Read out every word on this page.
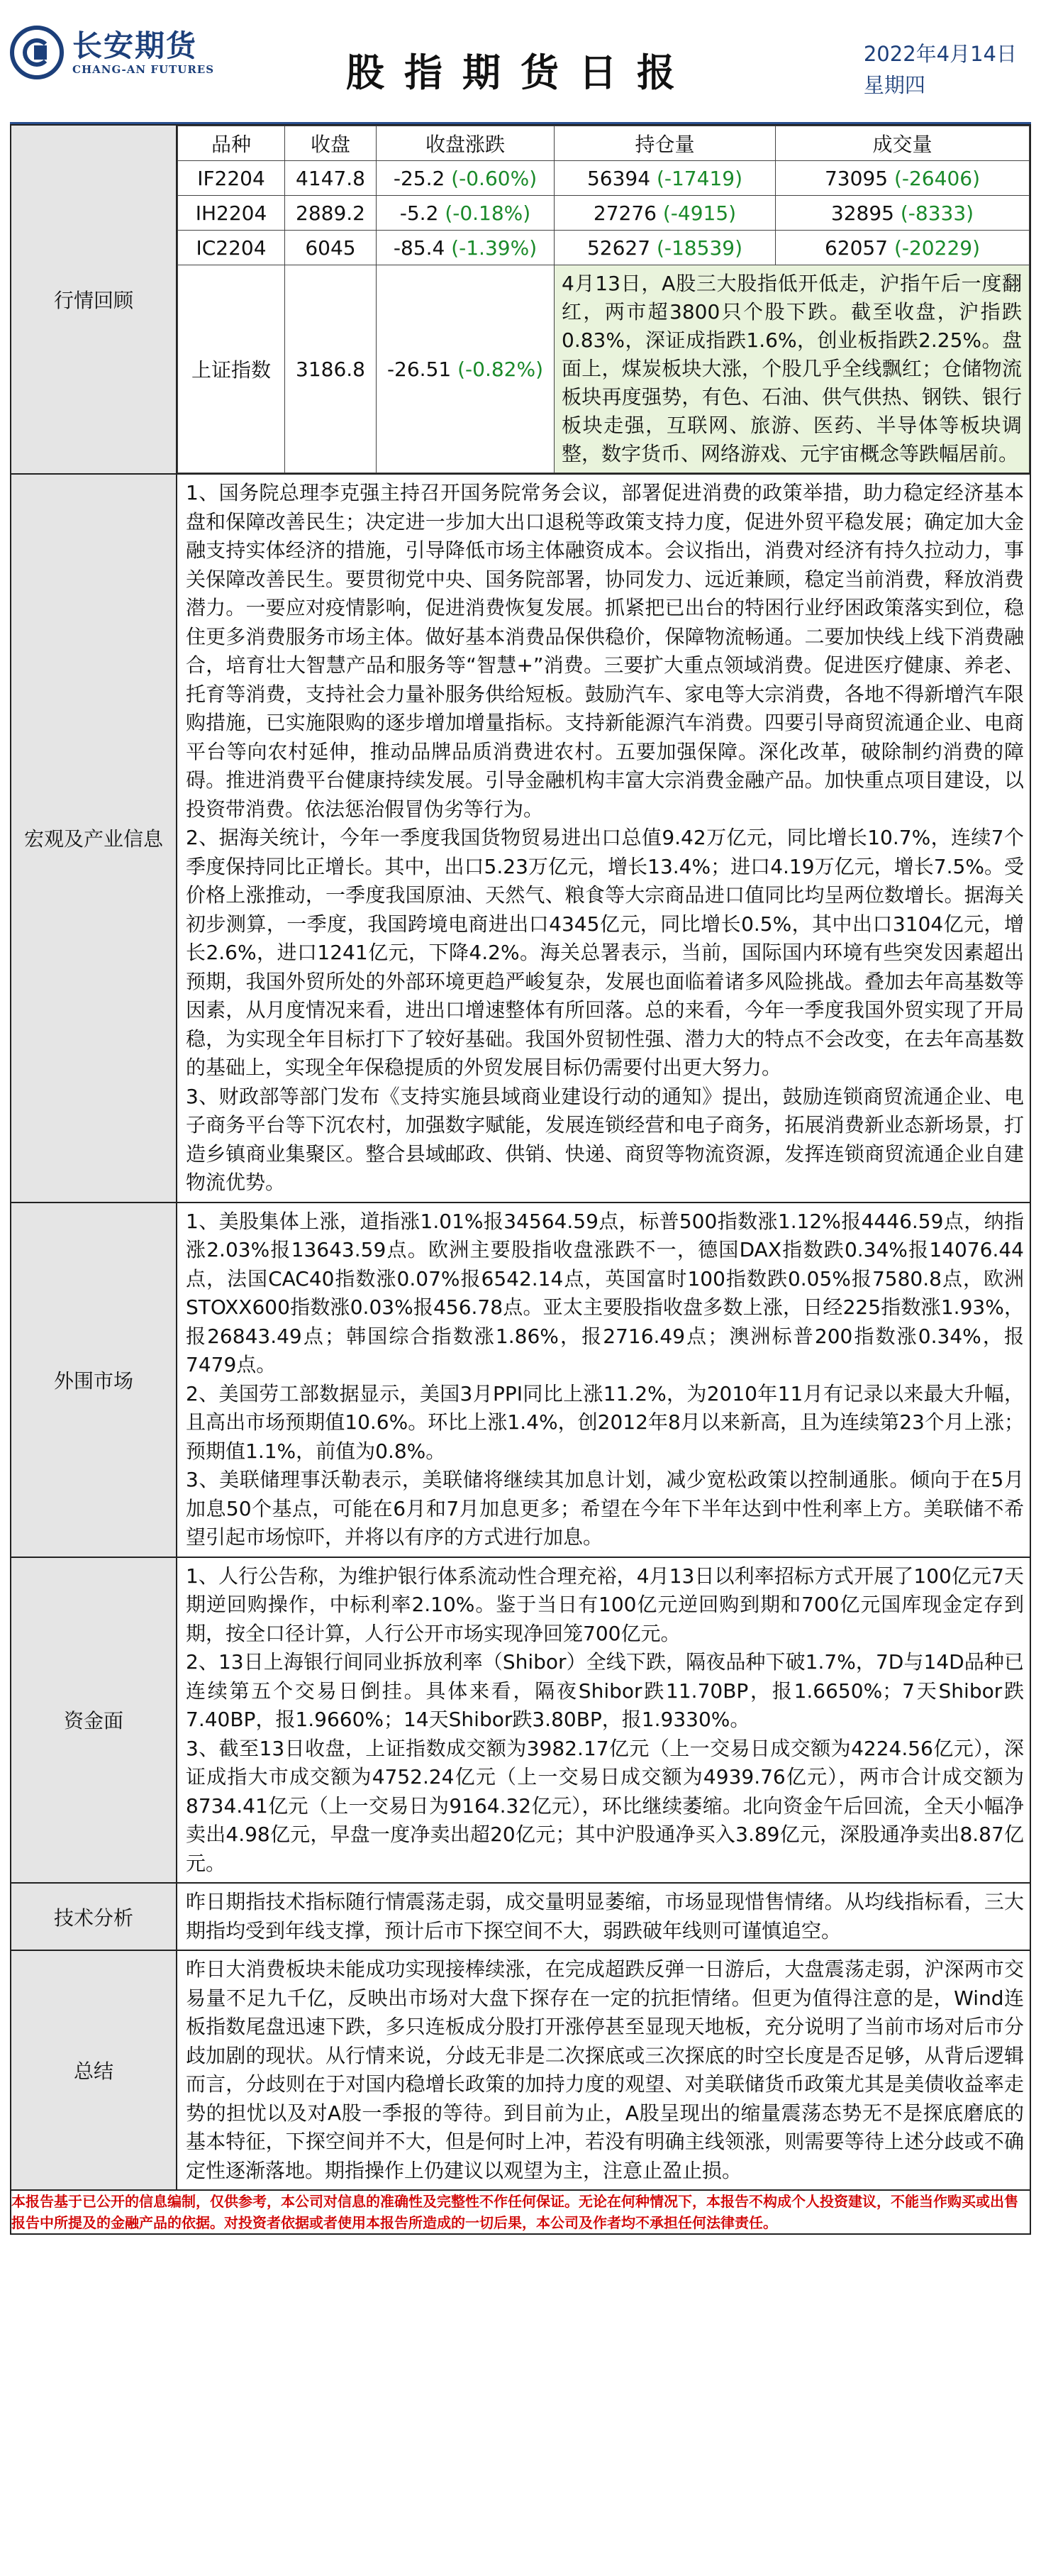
长安期货
CHANG-AN FUTURES	股指期货日报	2022年4月14日
星期四
行情回顾	
品种	收盘	收盘涨跌	持仓量	成交量
IF2204	4147.8	-25.2 (-0.60%)	56394 (-17419)	73095 (-26406)
IH2204	2889.2	-5.2 (-0.18%)	27276 (-4915)	32895 (-8333)
IC2204	6045	-85.4 (-1.39%)	52627 (-18539)	62057 (-20229)
上证指数	3186.8	-26.51 (-0.82%)	4月13日，A股三大股指低开低走，沪指午后一度翻红，两市超3800只个股下跌。截至收盘，沪指跌0.83%，深证成指跌1.6%，创业板指跌2.25%。盘面上，煤炭板块大涨，个股几乎全线飘红；仓储物流板块再度强势，有色、石油、供气供热、钢铁、银行板块走强，互联网、旅游、医药、半导体等板块调整，数字货币、网络游戏、元宇宙概念等跌幅居前。

宏观及产业信息	
1、国务院总理李克强主持召开国务院常务会议，部署促进消费的政策举措，助力稳定经济基本盘和保障改善民生；决定进一步加大出口退税等政策支持力度，促进外贸平稳发展；确定加大金融支持实体经济的措施，引导降低市场主体融资成本。会议指出，消费对经济有持久拉动力，事关保障改善民生。要贯彻党中央、国务院部署，协同发力、远近兼顾，稳定当前消费，释放消费潜力。一要应对疫情影响，促进消费恢复发展。抓紧把已出台的特困行业纾困政策落实到位，稳住更多消费服务市场主体。做好基本消费品保供稳价，保障物流畅通。二要加快线上线下消费融合，培育壮大智慧产品和服务等“智慧+”消费。三要扩大重点领域消费。促进医疗健康、养老、托育等消费，支持社会力量补服务供给短板。鼓励汽车、家电等大宗消费，各地不得新增汽车限购措施，已实施限购的逐步增加增量指标。支持新能源汽车消费。四要引导商贸流通企业、电商平台等向农村延伸，推动品牌品质消费进农村。五要加强保障。深化改革，破除制约消费的障碍。推进消费平台健康持续发展。引导金融机构丰富大宗消费金融产品。加快重点项目建设，以投资带消费。依法惩治假冒伪劣等行为。
2、据海关统计，今年一季度我国货物贸易进出口总值9.42万亿元，同比增长10.7%，连续7个季度保持同比正增长。其中，出口5.23万亿元，增长13.4%；进口4.19万亿元，增长7.5%。受价格上涨推动，一季度我国原油、天然气、粮食等大宗商品进口值同比均呈两位数增长。据海关初步测算，一季度，我国跨境电商进出口4345亿元，同比增长0.5%，其中出口3104亿元，增长2.6%，进口1241亿元，下降4.2%。海关总署表示，当前，国际国内环境有些突发因素超出预期，我国外贸所处的外部环境更趋严峻复杂，发展也面临着诸多风险挑战。叠加去年高基数等因素，从月度情况来看，进出口增速整体有所回落。总的来看，今年一季度我国外贸实现了开局稳，为实现全年目标打下了较好基础。我国外贸韧性强、潜力大的特点不会改变，在去年高基数的基础上，实现全年保稳提质的外贸发展目标仍需要付出更大努力。
3、财政部等部门发布《支持实施县域商业建设行动的通知》提出，鼓励连锁商贸流通企业、电子商务平台等下沉农村，加强数字赋能，发展连锁经营和电子商务，拓展消费新业态新场景，打造乡镇商业集聚区。整合县域邮政、供销、快递、商贸等物流资源，发挥连锁商贸流通企业自建物流优势。

外围市场	
1、美股集体上涨，道指涨1.01%报34564.59点，标普500指数涨1.12%报4446.59点，纳指涨2.03%报13643.59点。欧洲主要股指收盘涨跌不一，德国DAX指数跌0.34%报14076.44点，法国CAC40指数涨0.07%报6542.14点，英国富时100指数跌0.05%报7580.8点，欧洲STOXX600指数涨0.03%报456.78点。亚太主要股指收盘多数上涨，日经225指数涨1.93%，报26843.49点；韩国综合指数涨1.86%，报2716.49点；澳洲标普200指数涨0.34%，报7479点。
2、美国劳工部数据显示，美国3月PPI同比上涨11.2%，为2010年11月有记录以来最大升幅，且高出市场预期值10.6%。环比上涨1.4%，创2012年8月以来新高，且为连续第23个月上涨；预期值1.1%，前值为0.8%。
3、美联储理事沃勒表示，美联储将继续其加息计划，减少宽松政策以控制通胀。倾向于在5月加息50个基点，可能在6月和7月加息更多；希望在今年下半年达到中性利率上方。美联储不希望引起市场惊吓，并将以有序的方式进行加息。

资金面	
1、人行公告称，为维护银行体系流动性合理充裕，4月13日以利率招标方式开展了100亿元7天期逆回购操作，中标利率2.10%。鉴于当日有100亿元逆回购到期和700亿元国库现金定存到期，按全口径计算，人行公开市场实现净回笼700亿元。
2、13日上海银行间同业拆放利率（Shibor）全线下跌，隔夜品种下破1.7%，7D与14D品种已连续第五个交易日倒挂。具体来看，隔夜Shibor跌11.70BP，报1.6650%；7天Shibor跌7.40BP，报1.9660%；14天Shibor跌3.80BP，报1.9330%。
3、截至13日收盘，上证指数成交额为3982.17亿元（上一交易日成交额为4224.56亿元），深证成指大市成交额为4752.24亿元（上一交易日成交额为4939.76亿元），两市合计成交额为8734.41亿元（上一交易日为9164.32亿元），环比继续萎缩。北向资金午后回流，全天小幅净卖出4.98亿元，早盘一度净卖出超20亿元；其中沪股通净买入3.89亿元，深股通净卖出8.87亿元。

技术分析	
昨日期指技术指标随行情震荡走弱，成交量明显萎缩，市场显现惜售情绪。从均线指标看，三大期指均受到年线支撑，预计后市下探空间不大，弱跌破年线则可谨慎追空。

总结	
昨日大消费板块未能成功实现接棒续涨，在完成超跌反弹一日游后，大盘震荡走弱，沪深两市交易量不足九千亿，反映出市场对大盘下探存在一定的抗拒情绪。但更为值得注意的是，Wind连板指数尾盘迅速下跌，多只连板成分股打开涨停甚至显现天地板，充分说明了当前市场对后市分歧加剧的现状。从行情来说，分歧无非是二次探底或三次探底的时空长度是否足够，从背后逻辑而言，分歧则在于对国内稳增长政策的加持力度的观望、对美联储货币政策尤其是美债收益率走势的担忧以及对A股一季报的等待。到目前为止，A股呈现出的缩量震荡态势无不是探底磨底的基本特征，下探空间并不大，但是何时上冲，若没有明确主线领涨，则需要等待上述分歧或不确定性逐渐落地。期指操作上仍建议以观望为主，注意止盈止损。

本报告基于已公开的信息编制，仅供参考，本公司对信息的准确性及完整性不作任何保证。无论在何种情况下，本报告不构成个人投资建议，不能当作购买或出售报告中所提及的金融产品的依据。对投资者依据或者使用本报告所造成的一切后果，本公司及作者均不承担任何法律责任。
